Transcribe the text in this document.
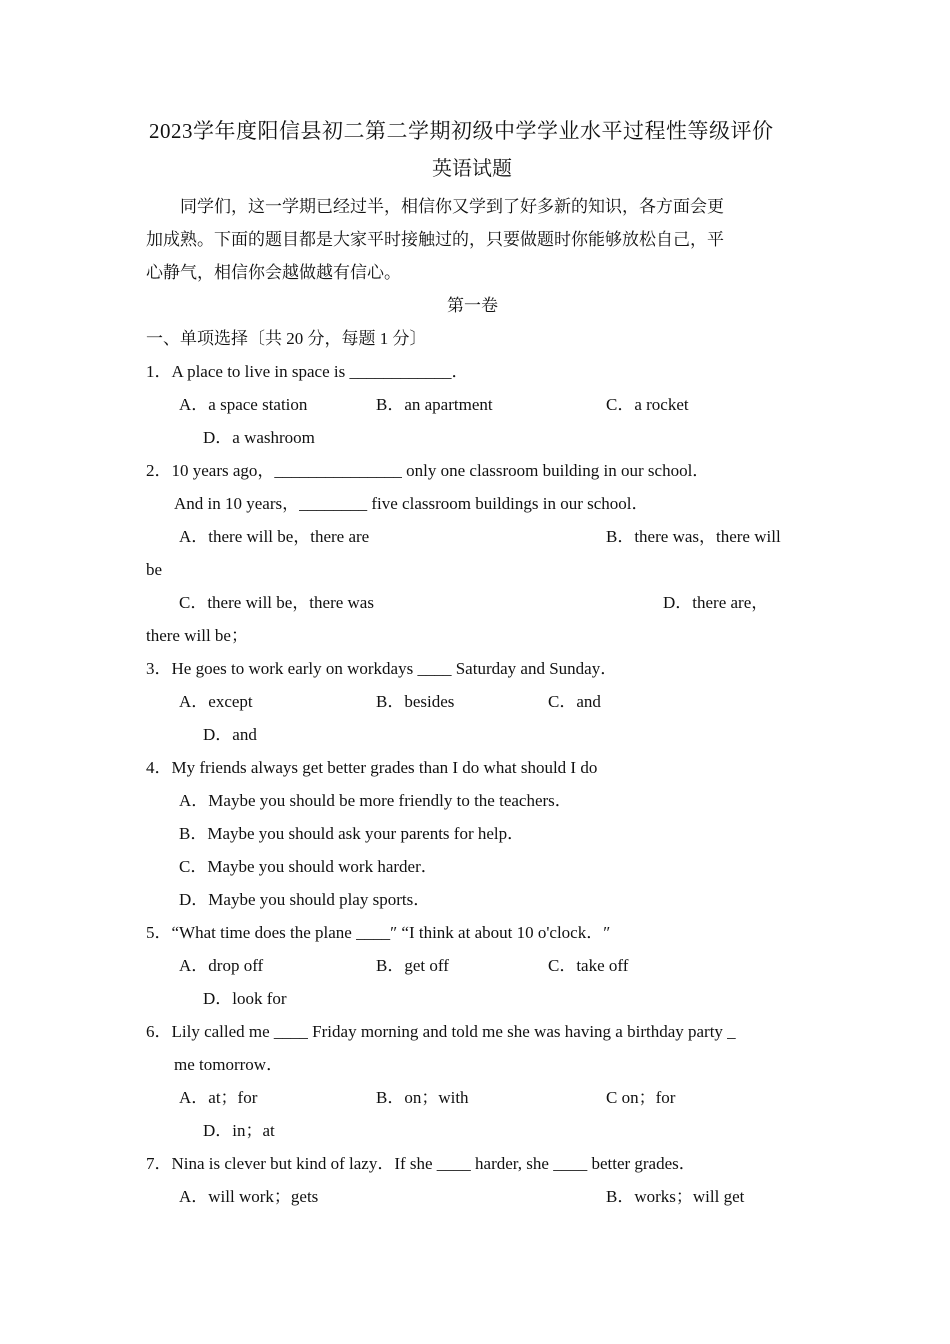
2023学年度阳信县初二第二学期初级中学学业水平过程性等级评价
英语试题
同学们，这一学期已经过半，相信你又学到了好多新的知识，各方面会更
加成熟。下面的题目都是大家平时接触过的，只要做题时你能够放松自己，平
心静气，相信你会越做越有信心。
第一卷
一、单项选择〔共 20 分，每题 1 分〕
1．A place to live in space is ____________．
A．a space station	B．an apartment	C．a rocket
D．a washroom
2．10 years ago，_______________ only one classroom building in our school．
And in 10 years，________ five classroom buildings in our school．
A．there will be，there are	B．there was，there will
be
C．there will be，there was	D．there are，
there will be；
3．He goes to work early on workdays ____ Saturday and Sunday．
A．except	B．besides	C．and
D．and
4．My friends always get better grades than I do what should I do
A．Maybe you should be more friendly to the teachers．
B．Maybe you should ask your parents for help．
C．Maybe you should work harder．
D．Maybe you should play sports．
5．“What time does the plane ____″ “I think at about 10 o'clock．″
A．drop off	B．get off	C．take off
D．look for
6．Lily called me ____ Friday morning and told me she was having a birthday party _
me tomorrow．
A．at；for	B．on；with	C on；for
D．in；at
7．Nina is clever but kind of lazy．If she ____ harder, she ____ better grades．
A．will work；gets	B．works；will get
